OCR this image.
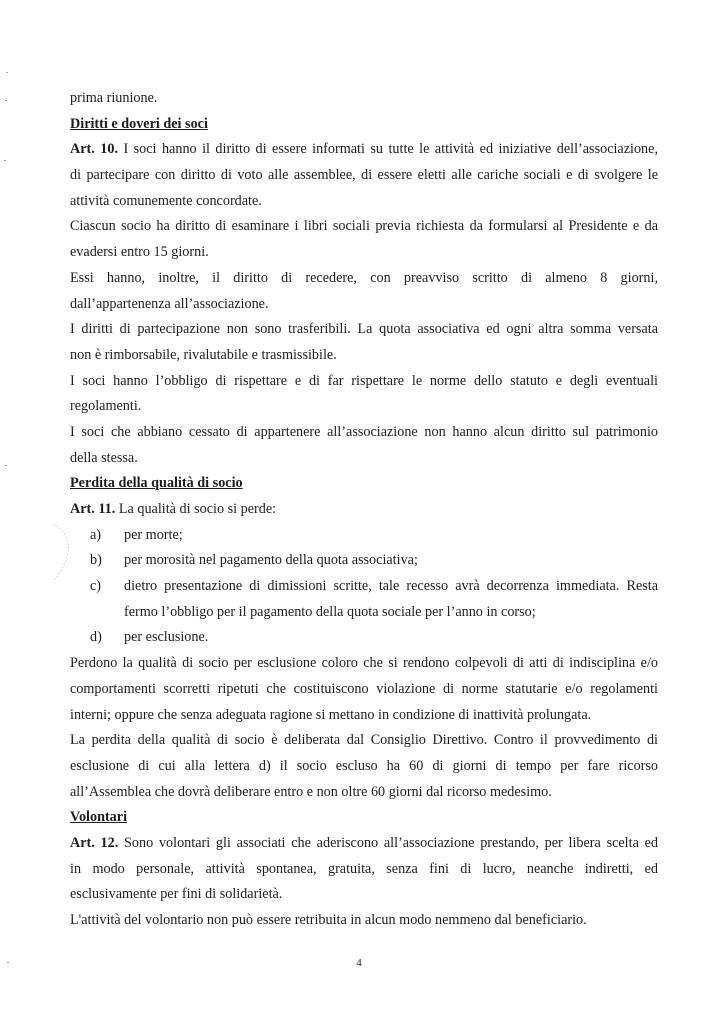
prima riunione.
Diritti e doveri dei soci
Art. 10. I soci hanno il diritto di essere informati su tutte le attività ed iniziative dell’associazione,
di partecipare con diritto di voto alle assemblee, di essere eletti alle cariche sociali e di svolgere le
attività comunemente concordate.
Ciascun socio ha diritto di esaminare i libri sociali previa richiesta da formularsi al Presidente e da
evadersi entro 15 giorni.
Essi hanno, inoltre, il diritto di recedere, con preavviso scritto di almeno 8 giorni,
dall’appartenenza all’associazione.
I diritti di partecipazione non sono trasferibili. La quota associativa ed ogni altra somma versata
non è rimborsabile, rivalutabile e trasmissibile.
I soci hanno l’obbligo di rispettare e di far rispettare le norme dello statuto e degli eventuali
regolamenti.
I soci che abbiano cessato di appartenere all’associazione non hanno alcun diritto sul patrimonio
della stessa.
Perdita della qualità di socio
Art. 11. La qualità di socio si perde:
a) per morte;
b) per morosità nel pagamento della quota associativa;
c)	dietro presentazione di dimissioni scritte, tale recesso avrà decorrenza immediata. Resta
fermo l’obbligo per il pagamento della quota sociale per l’anno in corso;
d) per esclusione.
Perdono la qualità di socio per esclusione coloro che si rendono colpevoli di atti di indisciplina e/o
comportamenti scorretti ripetuti che costituiscono violazione di norme statutarie e/o regolamenti
interni; oppure che senza adeguata ragione si mettano in condizione di inattività prolungata.
La perdita della qualità di socio è deliberata dal Consiglio Direttivo. Contro il provvedimento di
esclusione di cui alla lettera d) il socio escluso ha 60 di giorni di tempo per fare ricorso
all’Assemblea che dovrà deliberare entro e non oltre 60 giorni dal ricorso medesimo.
Volontari
Art. 12. Sono volontari gli associati che aderiscono all’associazione prestando, per libera scelta ed
in modo personale, attività spontanea, gratuita, senza fini di lucro, neanche indiretti, ed
esclusivamente per fini di solidarietà.
L'attività del volontario non può essere retribuita in alcun modo nemmeno dal beneficiario.
4
